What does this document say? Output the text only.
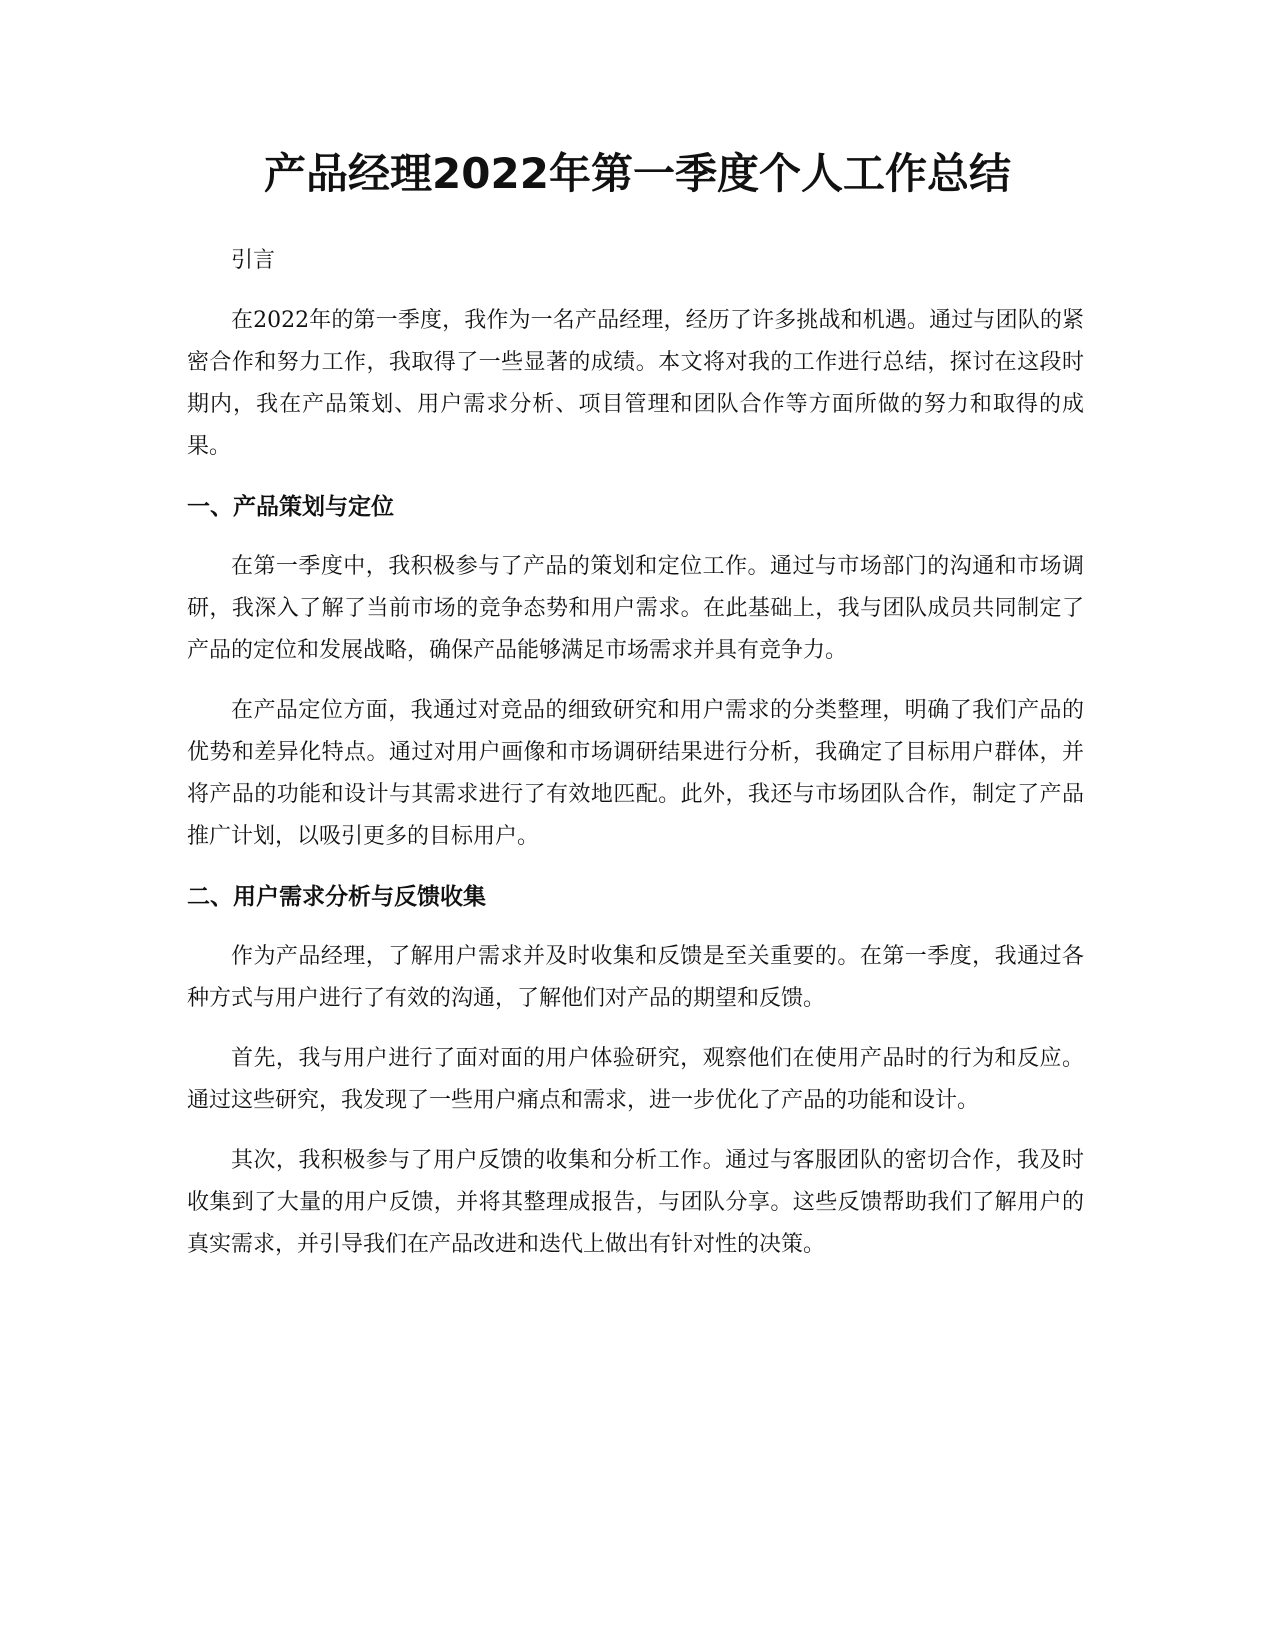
产品经理2022年第一季度个人工作总结

引言

在2022年的第一季度，我作为一名产品经理，经历了许多挑战和机遇。通过与团队的紧密合作和努力工作，我取得了一些显著的成绩。本文将对我的工作进行总结，探讨在这段时期内，我在产品策划、用户需求分析、项目管理和团队合作等方面所做的努力和取得的成果。

一、产品策划与定位

在第一季度中，我积极参与了产品的策划和定位工作。通过与市场部门的沟通和市场调研，我深入了解了当前市场的竞争态势和用户需求。在此基础上，我与团队成员共同制定了产品的定位和发展战略，确保产品能够满足市场需求并具有竞争力。

在产品定位方面，我通过对竞品的细致研究和用户需求的分类整理，明确了我们产品的优势和差异化特点。通过对用户画像和市场调研结果进行分析，我确定了目标用户群体，并将产品的功能和设计与其需求进行了有效地匹配。此外，我还与市场团队合作，制定了产品推广计划，以吸引更多的目标用户。

二、用户需求分析与反馈收集

作为产品经理，了解用户需求并及时收集和反馈是至关重要的。在第一季度，我通过各种方式与用户进行了有效的沟通，了解他们对产品的期望和反馈。

首先，我与用户进行了面对面的用户体验研究，观察他们在使用产品时的行为和反应。通过这些研究，我发现了一些用户痛点和需求，进一步优化了产品的功能和设计。

其次，我积极参与了用户反馈的收集和分析工作。通过与客服团队的密切合作，我及时收集到了大量的用户反馈，并将其整理成报告，与团队分享。这些反馈帮助我们了解用户的真实需求，并引导我们在产品改进和迭代上做出有针对性的决策。
